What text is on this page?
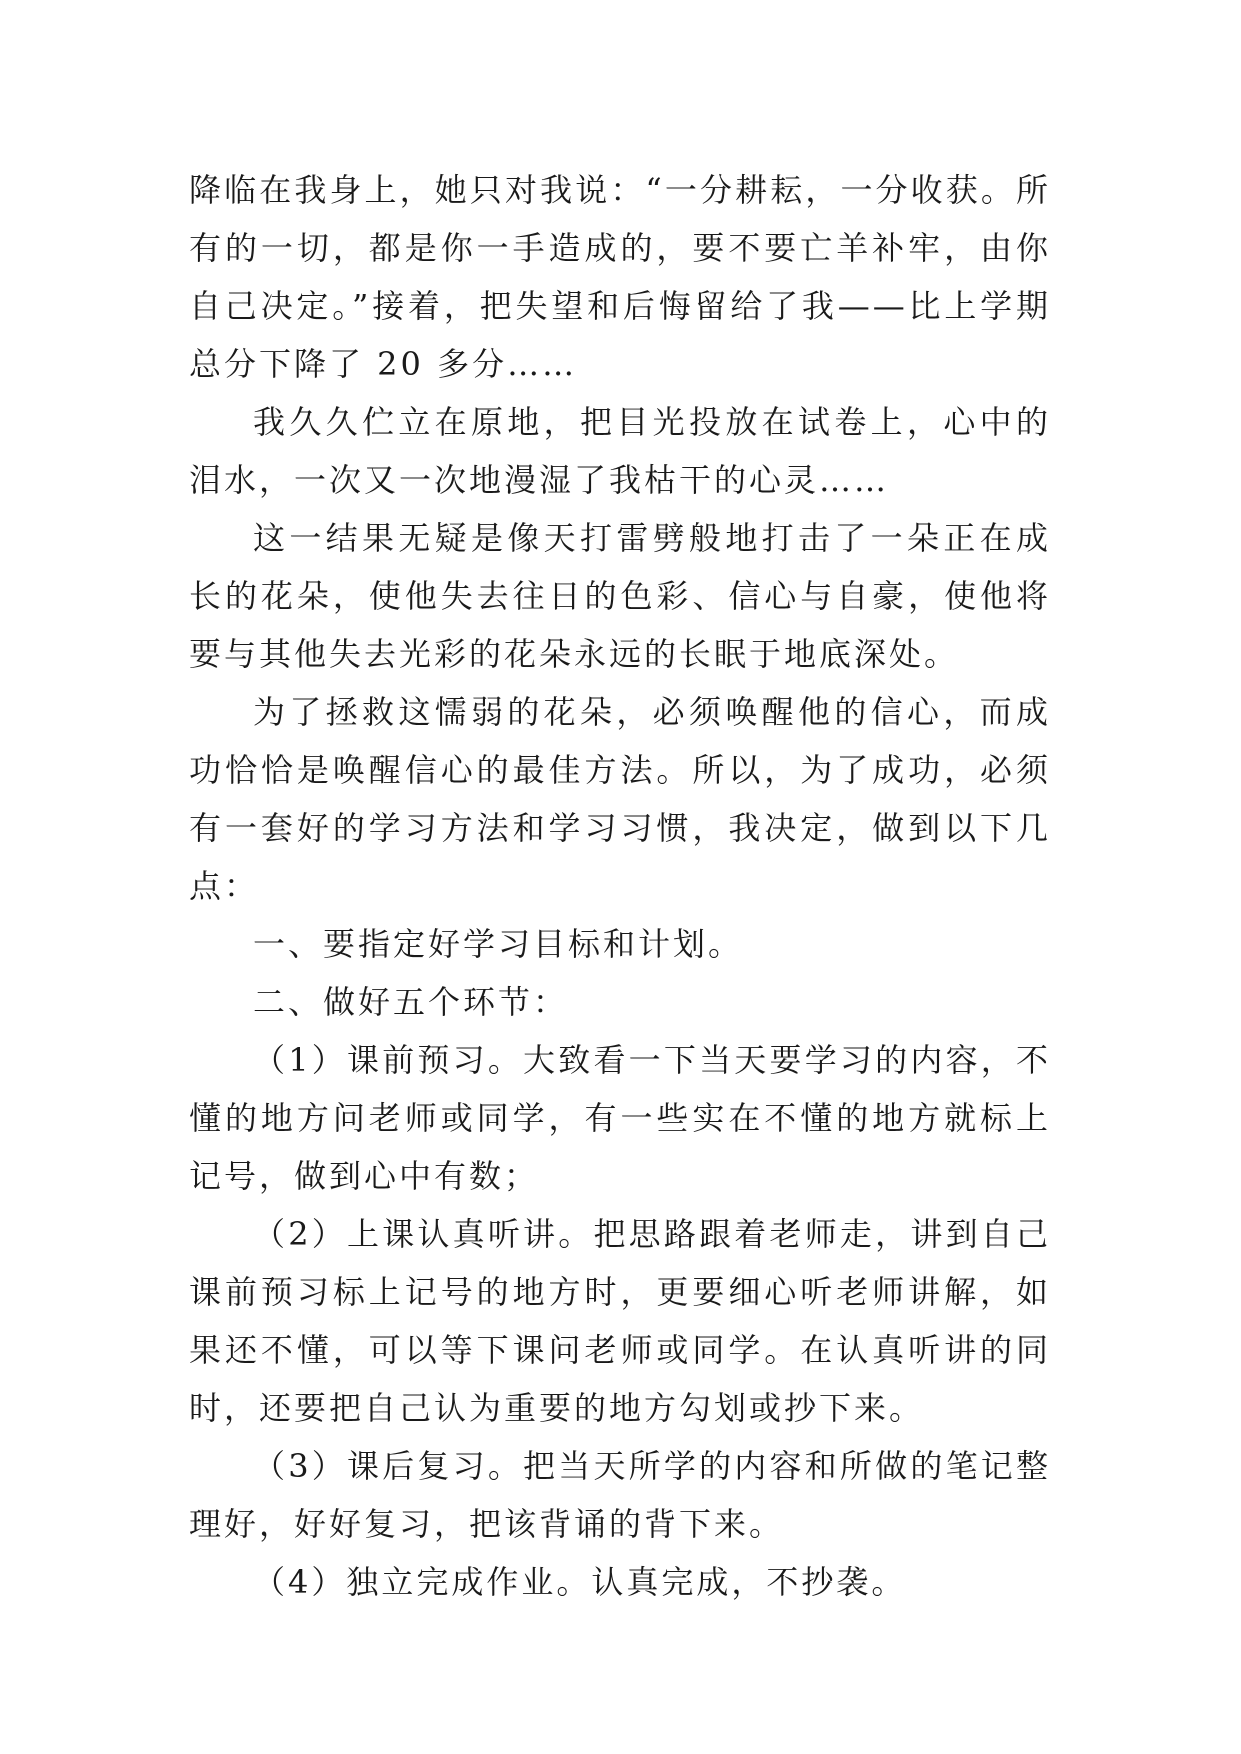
降临在我身上，她只对我说：“一分耕耘，一分收获。所有的一切，都是你一手造成的，要不要亡羊补牢，由你自己决定。”接着，把失望和后悔留给了我——比上学期总分下降了 20 多分……

我久久伫立在原地，把目光投放在试卷上，心中的泪水，一次又一次地漫湿了我枯干的心灵……

这一结果无疑是像天打雷劈般地打击了一朵正在成长的花朵，使他失去往日的色彩、信心与自豪，使他将要与其他失去光彩的花朵永远的长眠于地底深处。

为了拯救这懦弱的花朵，必须唤醒他的信心，而成功恰恰是唤醒信心的最佳方法。所以，为了成功，必须有一套好的学习方法和学习习惯，我决定，做到以下几点：

一、要指定好学习目标和计划。

二、做好五个环节：

（1）课前预习。大致看一下当天要学习的内容，不懂的地方问老师或同学，有一些实在不懂的地方就标上记号，做到心中有数；

（2）上课认真听讲。把思路跟着老师走，讲到自己课前预习标上记号的地方时，更要细心听老师讲解，如果还不懂，可以等下课问老师或同学。在认真听讲的同时，还要把自己认为重要的地方勾划或抄下来。

（3）课后复习。把当天所学的内容和所做的笔记整理好，好好复习，把该背诵的背下来。

（4）独立完成作业。认真完成，不抄袭。
